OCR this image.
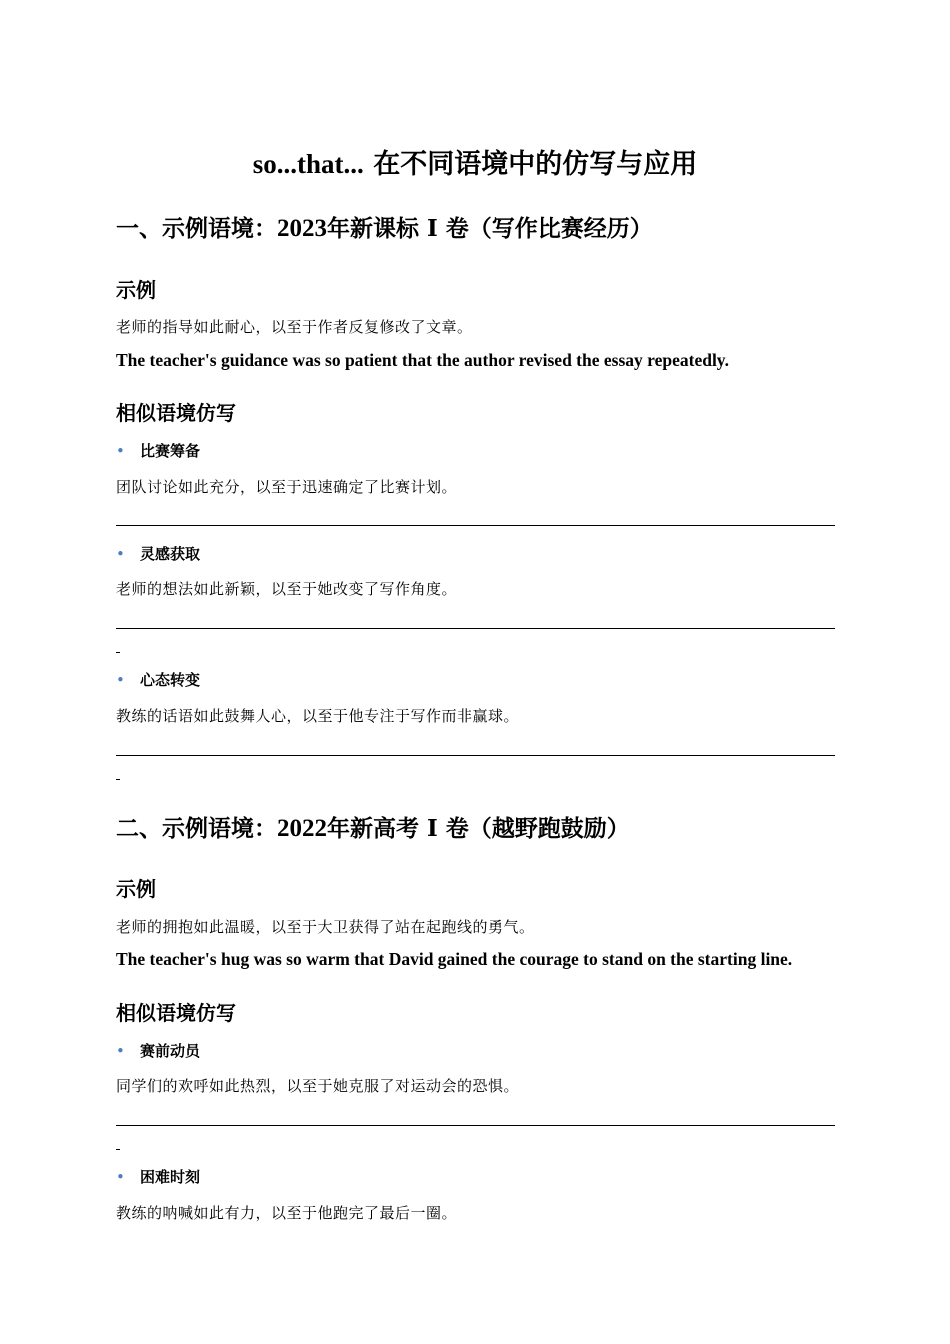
so...that... 在不同语境中的仿写与应用
一、示例语境：2023年新课标 Ⅰ 卷（写作比赛经历）
示例
老师的指导如此耐心，以至于作者反复修改了文章。
The teacher's guidance was so patient that the author revised the essay repeatedly.
相似语境仿写
• 比赛筹备
团队讨论如此充分，以至于迅速确定了比赛计划。
• 灵感获取
老师的想法如此新颖，以至于她改变了写作角度。
• 心态转变
教练的话语如此鼓舞人心，以至于他专注于写作而非赢球。
二、示例语境：2022年新高考 Ⅰ 卷（越野跑鼓励）
示例
老师的拥抱如此温暖，以至于大卫获得了站在起跑线的勇气。
The teacher's hug was so warm that David gained the courage to stand on the starting line.
相似语境仿写
• 赛前动员
同学们的欢呼如此热烈，以至于她克服了对运动会的恐惧。
• 困难时刻
教练的呐喊如此有力，以至于他跑完了最后一圈。
